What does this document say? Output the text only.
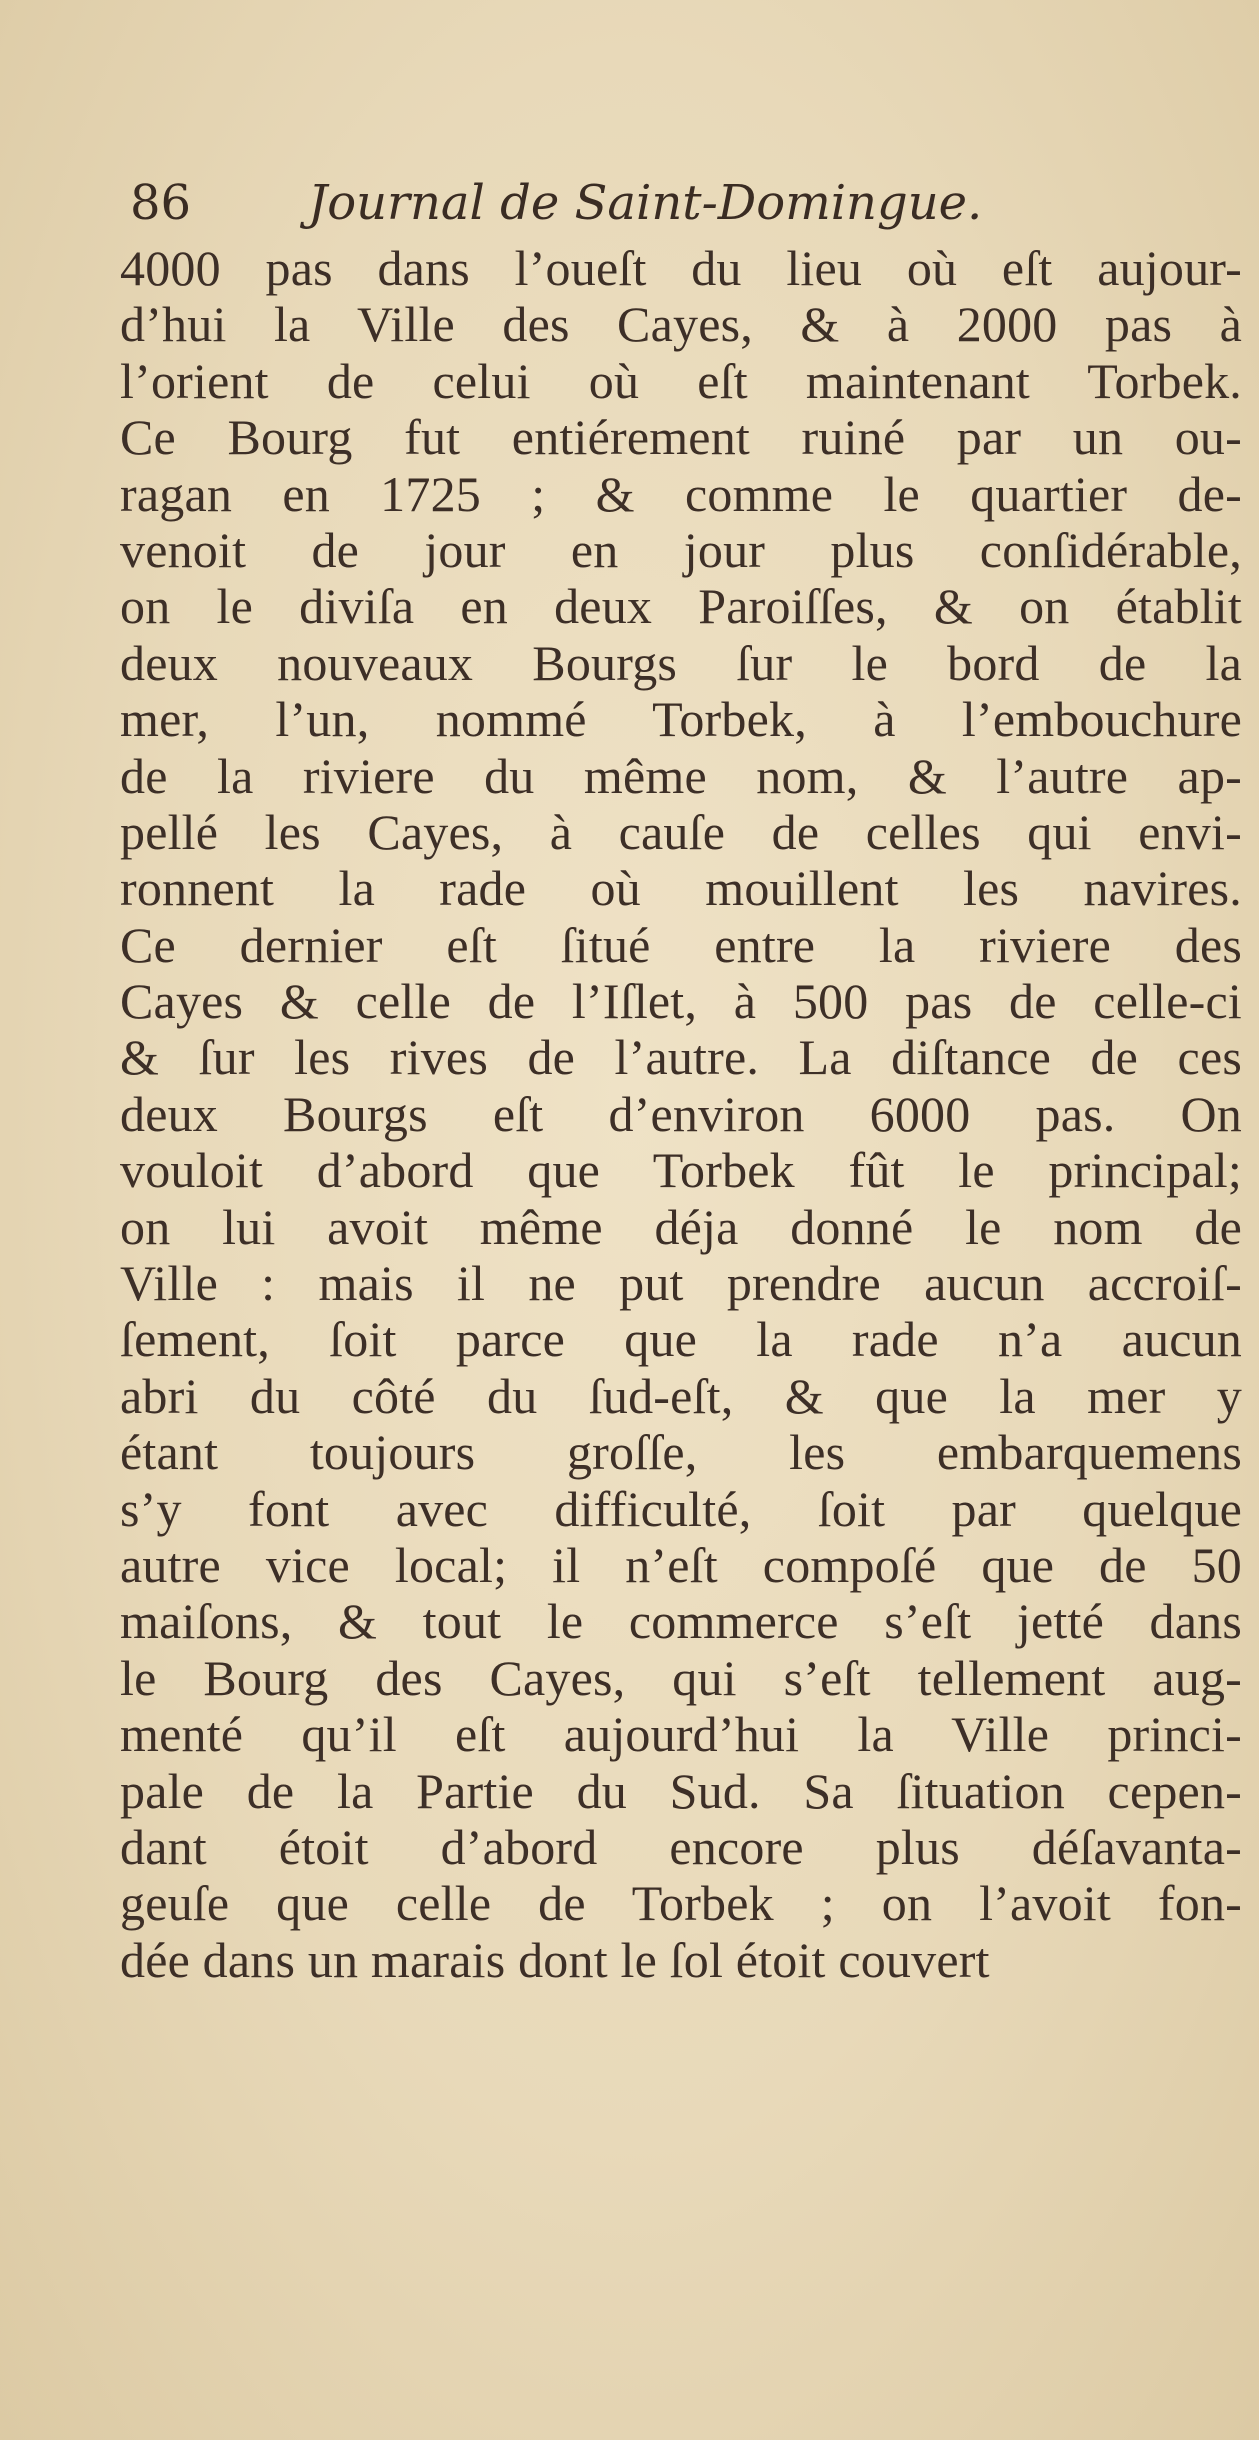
86 Journal de Saint-Domingue.
4000 pas dans l’oueſt du lieu où eſt aujour-
d’hui la Ville des Cayes, & à 2000 pas à
l’orient de celui où eſt maintenant Torbek.
Ce Bourg fut entiérement ruiné par un ou-
ragan en 1725 ; & comme le quartier de-
venoit de jour en jour plus conſidérable,
on le diviſa en deux Paroiſſes, & on établit
deux nouveaux Bourgs ſur le bord de la
mer, l’un, nommé Torbek, à l’embouchure
de la riviere du même nom, & l’autre ap-
pellé les Cayes, à cauſe de celles qui envi-
ronnent la rade où mouillent les navires.
Ce dernier eſt ſitué entre la riviere des
Cayes & celle de l’Iſlet, à 500 pas de celle-ci
& ſur les rives de l’autre. La diſtance de ces
deux Bourgs eſt d’environ 6000 pas. On
vouloit d’abord que Torbek fût le principal;
on lui avoit même déja donné le nom de
Ville : mais il ne put prendre aucun accroiſ-
ſement, ſoit parce que la rade n’a aucun
abri du côté du ſud-eſt, & que la mer y
étant toujours groſſe, les embarquemens
s’y font avec difficulté, ſoit par quelque
autre vice local; il n’eſt compoſé que de 50
maiſons, & tout le commerce s’eſt jetté dans
le Bourg des Cayes, qui s’eſt tellement aug-
menté qu’il eſt aujourd’hui la Ville princi-
pale de la Partie du Sud. Sa ſituation cepen-
dant étoit d’abord encore plus déſavanta-
geuſe que celle de Torbek ; on l’avoit fon-
dée dans un marais dont le ſol étoit couvert
